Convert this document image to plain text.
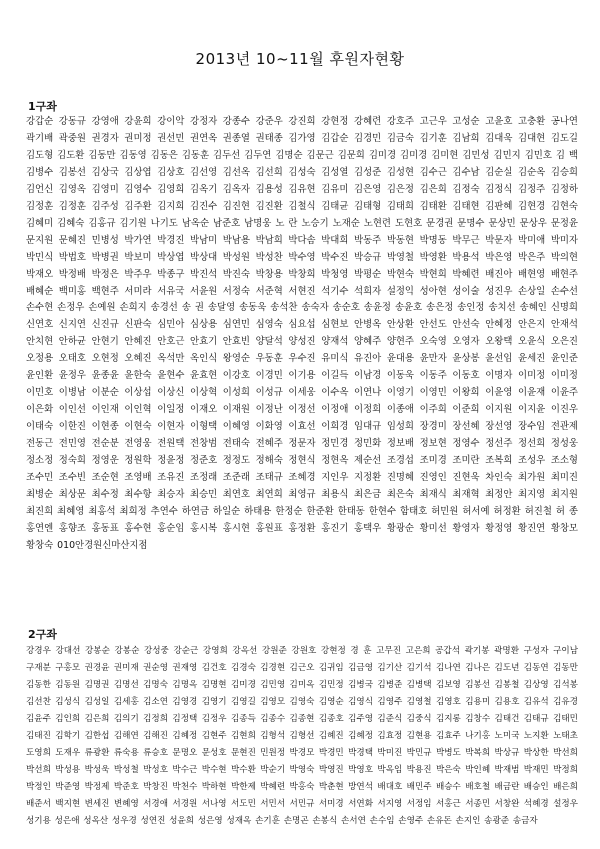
2013년 10~11월 후원자현황
1구좌
강갑순 강동규 강영애 강윤희 강이악 강정자 강종수 강준우 강진희 강현정 강혜련 강호주 고근우 고성순 고윤호 고충환 공나연 곽기배 곽중원 권경자 권미정 권선민 권연옥 권종열 권태종 김가영 김갑순 김경민 김금숙 김기훈 김남희 김대욱 김대현 김도길 김도형 김도환 김동만 김동영 김동은 김동훈 김두선 김두연 김명순 김문근 김문희 김미경 김미경 김미현 김민성 김민지 김민호 김 백 김병수 김봉선 김상국 김상엽 김상호 김선영 김선옥 김선희 김성숙 김성열 김성준 김성현 김수근 김수남 김순실 김순옥 김승희 김언신 김영옥 김영미 김영수 김영희 김옥기 김옥자 김용성 김유현 김유미 김은영 김은정 김은희 김정숙 김정식 김정주 김정하 김정훈 김정훈 김주성 김주환 김지희 김진수 김진현 김진환 김철식 김태균 김태형 김태희 김태환 김태현 김판혜 김현경 김현숙 김혜미 김혜숙 김홍규 김기원 나기도 남옥순 남준호 남명웅 노 란 노승기 노재순 노현련 도현호 문경권 문명수 문상민 문상우 문정윤 문지원 문혜진 민병성 박가연 박경진 박남미 박남용 박남희 박다솜 박대희 박동주 박동현 박명동 박무근 박문자 박미애 박미자 박민식 박법호 박병권 박보미 박상엽 박상대 박성원 박성찬 박수영 박수진 박승규 박영철 박영환 박용석 박은영 박은주 박의현 박재오 박정배 박정은 박주우 박종구 박진석 박진숙 박창용 박창희 박청영 박평순 박현숙 박현희 박혜련 배진아 배현영 배현주 배혜순 백미홍 백현주 서미라 서유국 서윤원 서정숙 서준혁 서현진 석기수 석희자 설정익 성아현 성이술 성진우 손상일 손수선 손수현 손정우 손예원 손희지 송경선 송 권 송달영 송동욱 송석찬 송숙자 송순호 송윤정 송윤호 송은정 송인정 송치선 송혜인 신명희 신연호 신지연 신진규 신판숙 심민아 심상용 심연민 심영숙 심요섭 심현보 안병옥 안상환 안선도 안선숙 안혜정 안은지 안재석 안치현 안하균 안현기 안혜진 안호근 안효기 안효빈 양달석 양성진 양재석 양혜주 양현주 오숙영 오영자 오왕택 오윤식 오은진 오정용 오태호 오현정 오혜진 옥석만 옥인식 왕영순 우동훈 우수진 유미식 유진아 윤대용 윤만자 윤상봉 윤선임 윤세진 윤인준 윤인환 윤정우 윤종윤 윤한숙 윤현수 윤효현 이강호 이경민 이기용 이길득 이남경 이동욱 이동주 이동호 이명자 이미정 이미정 이민호 이병남 이분순 이상섭 이상신 이상혁 이성희 이성규 이세웅 이수옥 이연나 이영기 이영민 이왕희 이윤영 이윤재 이윤주 이은화 이인선 이인재 이인혁 이일정 이재오 이재원 이정난 이정선 이정애 이정희 이종애 이주희 이준희 이지원 이지윤 이진우 이태숙 이한진 이현종 이현숙 이현자 이형택 이혜영 이화영 이효선 이희경 임대규 임성희 장경미 장선혜 장선영 장수임 전관제 전동근 전민영 전순분 전영웅 전원택 전창범 전태숙 전혜주 정문자 정민경 정민화 정보배 정보현 정영수 정선주 정선희 정성웅 정소정 정숙희 정영운 정원학 정윤정 정준호 정정도 정해숙 정현식 정현옥 제순선 조경섭 조미경 조미란 조복희 조성우 조소형 조수민 조수빈 조순현 조영배 조유진 조정래 조준래 조태규 조혜경 지인우 지정환 진명혜 진영인 진현욱 차인숙 최가원 최미진 최병순 최상문 최수정 최수항 최승자 최승민 최연호 최연희 최영규 최용식 최은금 최은숙 최재식 최재혁 최정안 최지영 최지원 최진희 최혜영 최홍석 최희정 추연수 하연금 하일순 하태용 한정순 한준환 한태동 한현수 함태호 허민원 허서예 허정환 허진철 허 종 홍연엔 홍향조 홍동표 홍수현 홍순임 홍시복 홍시현 홍원표 홍정환 홍진기 홍택우 황광순 황미선 황영자 황정영 황진연 황창모 황창숙 010안경원신마산지점
2구좌
강경우 강대선 강봉순 강봉순 강성중 강순근 강영희 강옥선 강원준 강원호 강현정 경 훈 고무진 고은희 공갑석 곽기봉 곽명환 구성자 구이남 구재분 구홍모 권경윤 권미재 권순영 권재영 김건호 김경숙 김경현 김근오 김귀임 김금영 김기산 김기석 김나연 김나은 김도년 김동연 김동만 김동한 김동원 김명권 김명선 김명숙 김명옥 김명현 김미경 김민영 김미옥 김민정 김병국 김병준 김병택 김보영 김봉선 김봉철 김상영 김석봉 김선찬 김성식 김성일 김세홍 김소연 김영경 김영기 김영길 김영모 김영숙 김영순 김영식 김영주 김영철 김영호 김용미 김용호 김유석 김유경 김윤주 김인희 김은희 김의기 김정희 김정택 김정우 김종득 김종수 김종현 김종호 김주영 김준식 김중식 김지롱 김창수 김태건 김태규 김태민 김태진 김학기 김한섭 김해연 김해진 김혜정 김현주 김현희 김형석 김형선 김혜진 김혜정 김효정 김현용 김효주 나기홍 노미국 노지환 노태초 도영희 도재우 류광환 류숙용 류승호 문명오 문성호 문현진 민원정 박경모 박경민 박경택 박미진 박민규 박병도 박복희 박상규 박상한 박선희 박선희 박성용 박성욱 박성철 박성호 박수근 박수현 박수환 박순기 박영숙 박영진 박영호 박옥임 박용진 박은숙 박인혜 박재범 박재민 박정희 박정인 박준영 박정제 박준호 박창진 박천수 박하현 박한제 박혜련 박홍숙 박춘현 방연석 배대호 배민주 배승수 배호철 배금란 배승인 배은희 배준서 백지현 변세진 변혜영 서경애 서경원 서나영 서도민 서민서 서민규 서미경 서연화 서지영 서정임 서홍근 서종민 서창완 석혜경 설정우 성기용 성은애 성옥산 성우경 성연진 성윤희 성은영 성재옥 손기훈 손명곤 손봉식 손서연 손수임 손영주 손유돈 손지인 송광준 송금자
